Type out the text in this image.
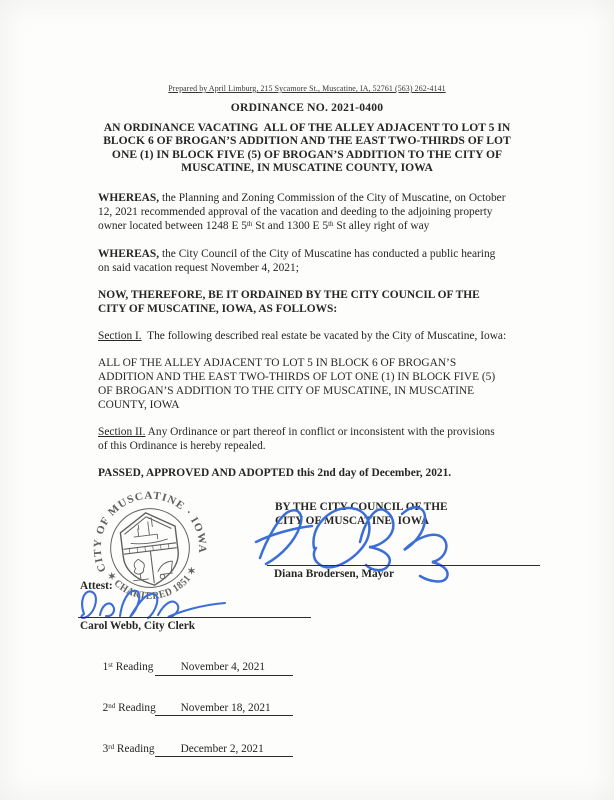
Prepared by April Limburg, 215 Sycamore St., Muscatine, IA, 52761 (563) 262-4141
ORDINANCE NO. 2021-0400
AN ORDINANCE VACATING  ALL OF THE ALLEY ADJACENT TO LOT 5 IN
BLOCK 6 OF BROGAN’S ADDITION AND THE EAST TWO-THIRDS OF LOT
ONE (1) IN BLOCK FIVE (5) OF BROGAN’S ADDITION TO THE CITY OF
MUSCATINE, IN MUSCATINE COUNTY, IOWA

WHEREAS, the Planning and Zoning Commission of the City of Muscatine, on October
12, 2021 recommended approval of the vacation and deeding to the adjoining property
owner located between 1248 E 5th St and 1300 E 5th St alley right of way

WHEREAS, the City Council of the City of Muscatine has conducted a public hearing
on said vacation request November 4, 2021;

NOW, THEREFORE, BE IT ORDAINED BY THE CITY COUNCIL OF THE
CITY OF MUSCATINE, IOWA, AS FOLLOWS:

Section I.  The following described real estate be vacated by the City of Muscatine, Iowa:

ALL OF THE ALLEY ADJACENT TO LOT 5 IN BLOCK 6 OF BROGAN’S
ADDITION AND THE EAST TWO-THIRDS OF LOT ONE (1) IN BLOCK FIVE (5)
OF BROGAN’S ADDITION TO THE CITY OF MUSCATINE, IN MUSCATINE
COUNTY, IOWA

Section II. Any Ordinance or part thereof in conflict or inconsistent with the provisions
of this Ordinance is hereby repealed.

PASSED, APPROVED AND ADOPTED this 2nd day of December, 2021.

Attest:
CITY OF MUSCATINE · IOWA
✶ CHARTERED 1851 ✶
BY THE CITY COUNCIL OF THE
CITY OF MUSCATINE, IOWA
Diana Brodersen, Mayor
Carol Webb, City Clerk

1st Reading November 4, 2021

2nd Reading November 18, 2021

3rd Reading December 2, 2021
